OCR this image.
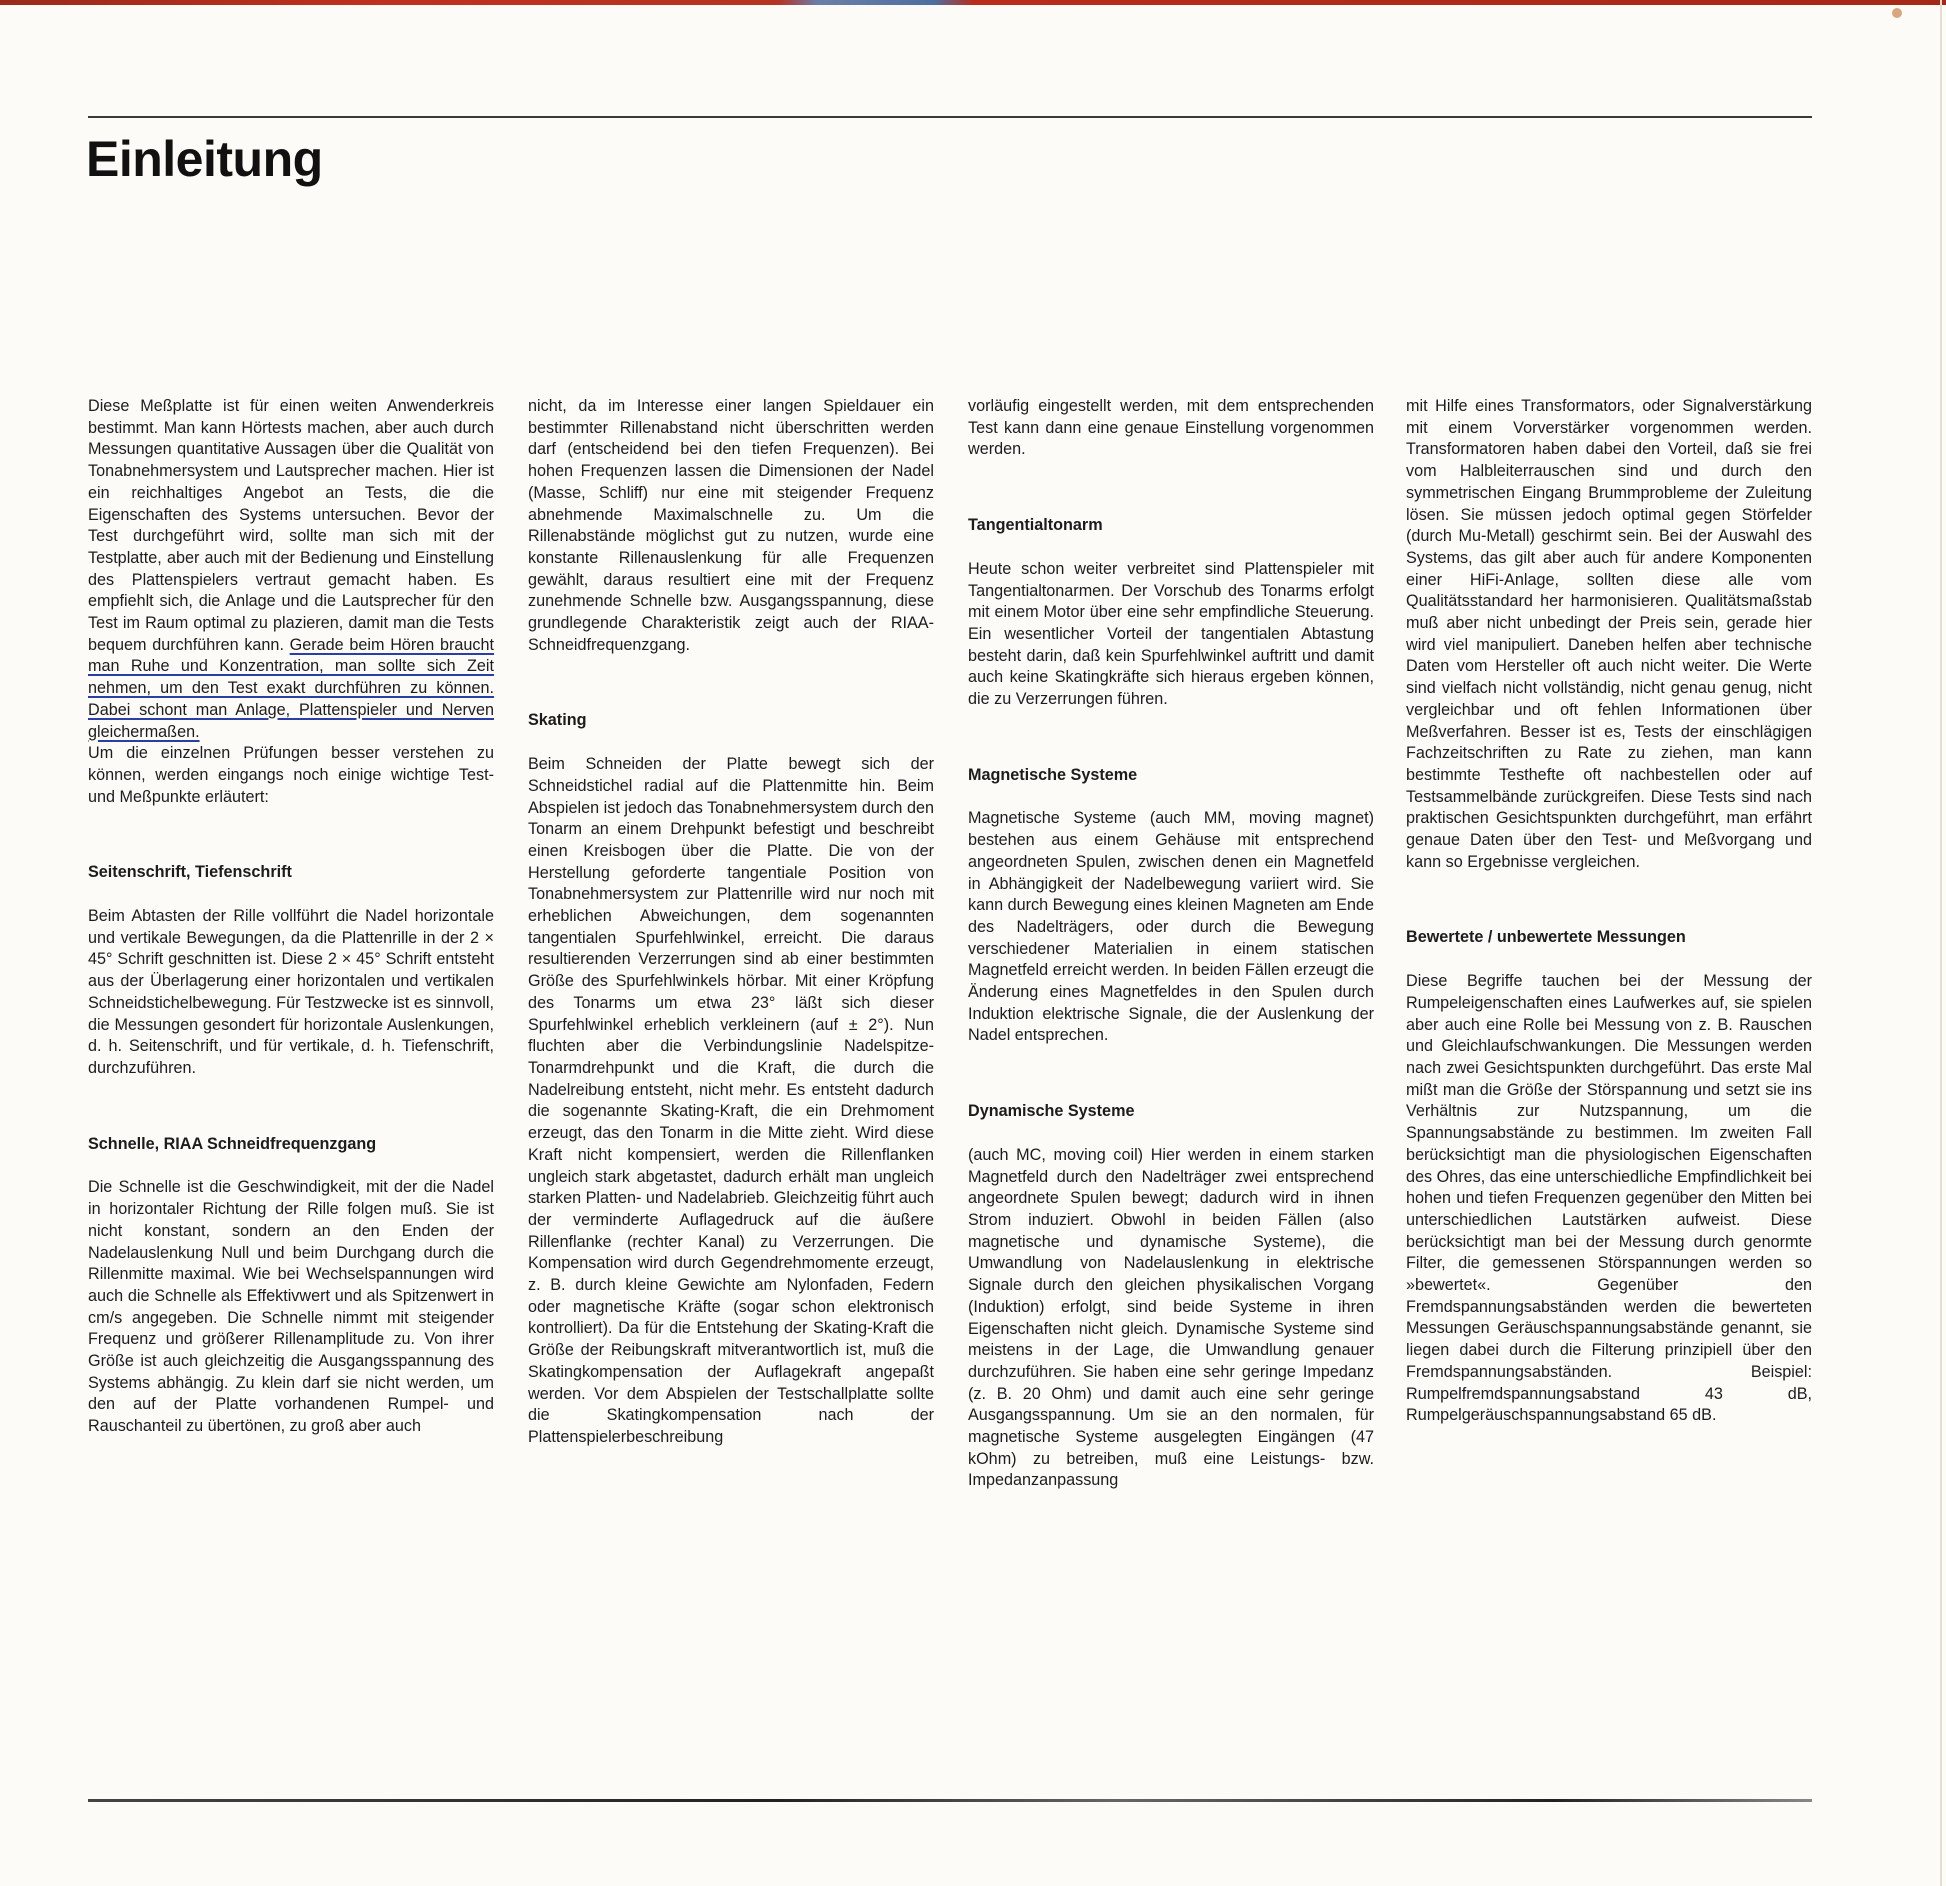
Einleitung

Diese Meßplatte ist für einen weiten Anwenderkreis bestimmt. Man kann Hörtests machen, aber auch durch Messungen quantitative Aussagen über die Qualität von Tonabnehmersystem und Lautsprecher machen. Hier ist ein reichhaltiges Angebot an Tests, die die Eigenschaften des Systems untersuchen. Bevor der Test durchgeführt wird, sollte man sich mit der Testplatte, aber auch mit der Bedienung und Einstellung des Plattenspielers vertraut gemacht haben. Es empfiehlt sich, die Anlage und die Lautsprecher für den Test im Raum optimal zu plazieren, damit man die Tests bequem durchführen kann. Gerade beim Hören braucht man Ruhe und Konzentration, man sollte sich Zeit nehmen, um den Test exakt durchführen zu können. Dabei schont man Anlage, Plattenspieler und Nerven gleichermaßen.

Um die einzelnen Prüfungen besser verstehen zu können, werden eingangs noch einige wichtige Test- und Meßpunkte erläutert:

Seitenschrift, Tiefenschrift

Beim Abtasten der Rille vollführt die Nadel horizontale und vertikale Bewegungen, da die Plattenrille in der 2 × 45° Schrift geschnitten ist. Diese 2 × 45° Schrift entsteht aus der Überlagerung einer horizontalen und vertikalen Schneidstichelbewegung. Für Testzwecke ist es sinnvoll, die Messungen gesondert für horizontale Auslenkungen, d. h. Seitenschrift, und für vertikale, d. h. Tiefenschrift, durchzuführen.

Schnelle, RIAA Schneidfrequenzgang

Die Schnelle ist die Geschwindigkeit, mit der die Nadel in horizontaler Richtung der Rille folgen muß. Sie ist nicht konstant, sondern an den Enden der Nadelauslenkung Null und beim Durchgang durch die Rillenmitte maximal. Wie bei Wechselspannungen wird auch die Schnelle als Effektivwert und als Spitzenwert in cm/s angegeben. Die Schnelle nimmt mit steigender Frequenz und größerer Rillenamplitude zu. Von ihrer Größe ist auch gleichzeitig die Ausgangsspannung des Systems abhängig. Zu klein darf sie nicht werden, um den auf der Platte vorhandenen Rumpel- und Rauschanteil zu übertönen, zu groß aber auch

nicht, da im Interesse einer langen Spieldauer ein bestimmter Rillenabstand nicht überschritten werden darf (entscheidend bei den tiefen Frequenzen). Bei hohen Frequenzen lassen die Dimensionen der Nadel (Masse, Schliff) nur eine mit steigender Frequenz abnehmende Maximalschnelle zu. Um die Rillenabstände möglichst gut zu nutzen, wurde eine konstante Rillenauslenkung für alle Frequenzen gewählt, daraus resultiert eine mit der Frequenz zunehmende Schnelle bzw. Ausgangsspannung, diese grundlegende Charakteristik zeigt auch der RIAA-Schneidfrequenzgang.

Skating

Beim Schneiden der Platte bewegt sich der Schneidstichel radial auf die Plattenmitte hin. Beim Abspielen ist jedoch das Tonabnehmersystem durch den Tonarm an einem Drehpunkt befestigt und beschreibt einen Kreisbogen über die Platte. Die von der Herstellung geforderte tangentiale Position von Tonabnehmersystem zur Plattenrille wird nur noch mit erheblichen Abweichungen, dem sogenannten tangentialen Spurfehlwinkel, erreicht. Die daraus resultierenden Verzerrungen sind ab einer bestimmten Größe des Spurfehlwinkels hörbar. Mit einer Kröpfung des Tonarms um etwa 23° läßt sich dieser Spurfehlwinkel erheblich verkleinern (auf ± 2°). Nun fluchten aber die Verbindungslinie Nadelspitze-Tonarmdrehpunkt und die Kraft, die durch die Nadelreibung entsteht, nicht mehr. Es entsteht dadurch die sogenannte Skating-Kraft, die ein Drehmoment erzeugt, das den Tonarm in die Mitte zieht. Wird diese Kraft nicht kompensiert, werden die Rillenflanken ungleich stark abgetastet, dadurch erhält man ungleich starken Platten- und Nadelabrieb. Gleichzeitig führt auch der verminderte Auflagedruck auf die äußere Rillenflanke (rechter Kanal) zu Verzerrungen. Die Kompensation wird durch Gegendrehmomente erzeugt, z. B. durch kleine Gewichte am Nylonfaden, Federn oder magnetische Kräfte (sogar schon elektronisch kontrolliert). Da für die Entstehung der Skating-Kraft die Größe der Reibungskraft mitverantwortlich ist, muß die Skatingkompensation der Auflagekraft angepaßt werden. Vor dem Abspielen der Testschallplatte sollte die Skatingkompensation nach der Plattenspielerbeschreibung

vorläufig eingestellt werden, mit dem entsprechenden Test kann dann eine genaue Einstellung vorgenommen werden.

Tangentialtonarm

Heute schon weiter verbreitet sind Plattenspieler mit Tangentialtonarmen. Der Vorschub des Tonarms erfolgt mit einem Motor über eine sehr empfindliche Steuerung. Ein wesentlicher Vorteil der tangentialen Abtastung besteht darin, daß kein Spurfehlwinkel auftritt und damit auch keine Skatingkräfte sich hieraus ergeben können, die zu Verzerrungen führen.

Magnetische Systeme

Magnetische Systeme (auch MM, moving magnet) bestehen aus einem Gehäuse mit entsprechend angeordneten Spulen, zwischen denen ein Magnetfeld in Abhängigkeit der Nadelbewegung variiert wird. Sie kann durch Bewegung eines kleinen Magneten am Ende des Nadelträgers, oder durch die Bewegung verschiedener Materialien in einem statischen Magnetfeld erreicht werden. In beiden Fällen erzeugt die Änderung eines Magnetfeldes in den Spulen durch Induktion elektrische Signale, die der Auslenkung der Nadel entsprechen.

Dynamische Systeme

(auch MC, moving coil) Hier werden in einem starken Magnetfeld durch den Nadelträger zwei entsprechend angeordnete Spulen bewegt; dadurch wird in ihnen Strom induziert. Obwohl in beiden Fällen (also magnetische und dynamische Systeme), die Umwandlung von Nadelauslenkung in elektrische Signale durch den gleichen physikalischen Vorgang (Induktion) erfolgt, sind beide Systeme in ihren Eigenschaften nicht gleich. Dynamische Systeme sind meistens in der Lage, die Umwandlung genauer durchzuführen. Sie haben eine sehr geringe Impedanz (z. B. 20 Ohm) und damit auch eine sehr geringe Ausgangsspannung. Um sie an den normalen, für magnetische Systeme ausgelegten Eingängen (47 kOhm) zu betreiben, muß eine Leistungs- bzw. Impedanzanpassung

mit Hilfe eines Transformators, oder Signalverstärkung mit einem Vorverstärker vorgenommen werden. Transformatoren haben dabei den Vorteil, daß sie frei vom Halbleiterrauschen sind und durch den symmetrischen Eingang Brummprobleme der Zuleitung lösen. Sie müssen jedoch optimal gegen Störfelder (durch Mu-Metall) geschirmt sein. Bei der Auswahl des Systems, das gilt aber auch für andere Komponenten einer HiFi-Anlage, sollten diese alle vom Qualitätsstandard her harmonisieren. Qualitätsmaßstab muß aber nicht unbedingt der Preis sein, gerade hier wird viel manipuliert. Daneben helfen aber technische Daten vom Hersteller oft auch nicht weiter. Die Werte sind vielfach nicht vollständig, nicht genau genug, nicht vergleichbar und oft fehlen Informationen über Meßverfahren. Besser ist es, Tests der einschlägigen Fachzeitschriften zu Rate zu ziehen, man kann bestimmte Testhefte oft nachbestellen oder auf Testsammelbände zurückgreifen. Diese Tests sind nach praktischen Gesichtspunkten durchgeführt, man erfährt genaue Daten über den Test- und Meßvorgang und kann so Ergebnisse vergleichen.

Bewertete / unbewertete Messungen

Diese Begriffe tauchen bei der Messung der Rumpeleigenschaften eines Laufwerkes auf, sie spielen aber auch eine Rolle bei Messung von z. B. Rauschen und Gleichlaufschwankungen. Die Messungen werden nach zwei Gesichtspunkten durchgeführt. Das erste Mal mißt man die Größe der Störspannung und setzt sie ins Verhältnis zur Nutzspannung, um die Spannungsabstände zu bestimmen. Im zweiten Fall berücksichtigt man die physiologischen Eigenschaften des Ohres, das eine unterschiedliche Empfindlichkeit bei hohen und tiefen Frequenzen gegenüber den Mitten bei unterschiedlichen Lautstärken aufweist. Diese berücksichtigt man bei der Messung durch genormte Filter, die gemessenen Störspannungen werden so »bewertet«. Gegenüber den Fremdspannungsabständen werden die bewerteten Messungen Geräuschspannungsabstände genannt, sie liegen dabei durch die Filterung prinzipiell über den Fremdspannungsabständen. Beispiel: Rumpelfremdspannungsabstand 43 dB, Rumpelgeräuschspannungsabstand 65 dB.
